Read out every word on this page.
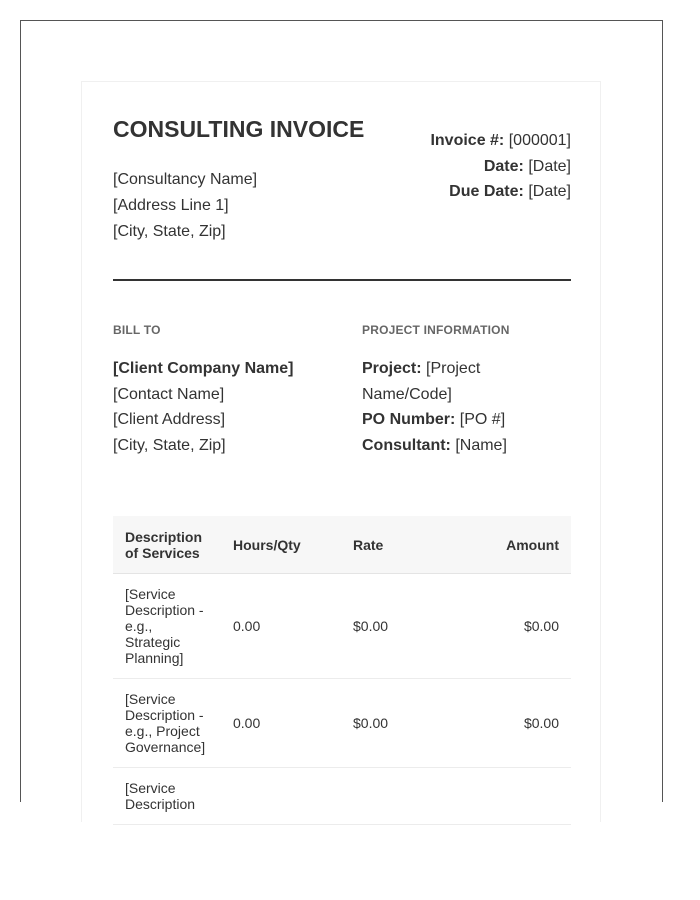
CONSULTING INVOICE
[Consultancy Name]
[Address Line 1]
[City, State, Zip]
Invoice #: [000001]
Date: [Date]
Due Date: [Date]
BILL TO	PROJECT INFORMATION
[Client Company Name]
[Contact Name]
[Client Address]
[City, State, Zip]
Project: [Project Name/Code]
PO Number: [PO #]
Consultant: [Name]
Description of Services	Hours/Qty	Rate	Amount

[Service Description - e.g., Strategic Planning]	0.00	$0.00	$0.00

[Service Description - e.g., Project Governance]	0.00	$0.00	$0.00

[Service Description			
